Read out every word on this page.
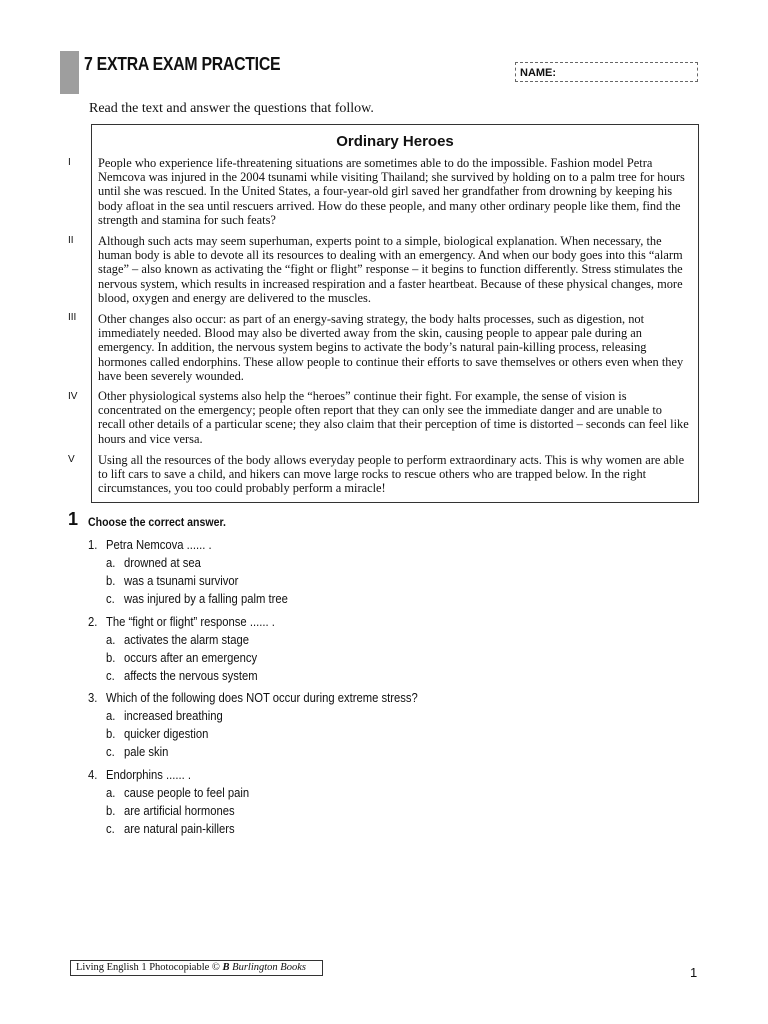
7 EXTRA EXAM PRACTICE	NAME:
Read the text and answer the questions that follow.
I
II
III
IV
V
Ordinary Heroes
People who experience life-threatening situations are sometimes able to do the impossible. Fashion model Petra Nemcova was injured in the 2004 tsunami while visiting Thailand; she survived by holding on to a palm tree for hours until she was rescued. In the United States, a four-year-old girl saved her grandfather from drowning by keeping his body afloat in the sea until rescuers arrived. How do these people, and many other ordinary people like them, find the strength and stamina for such feats?
Although such acts may seem superhuman, experts point to a simple, biological explanation. When necessary, the human body is able to devote all its resources to dealing with an emergency. And when our body goes into this “alarm stage” – also known as activating the “fight or flight” response – it begins to function differently. Stress stimulates the nervous system, which results in increased respiration and a faster heartbeat. Because of these physical changes, more blood, oxygen and energy are delivered to the muscles.
Other changes also occur: as part of an energy-saving strategy, the body halts processes, such as digestion, not immediately needed. Blood may also be diverted away from the skin, causing people to appear pale during an emergency. In addition, the nervous system begins to activate the body’s natural pain-killing process, releasing hormones called endorphins. These allow people to continue their efforts to save themselves or others even when they have been severely wounded.
Other physiological systems also help the “heroes” continue their fight. For example, the sense of vision is concentrated on the emergency; people often report that they can only see the immediate danger and are unable to recall other details of a particular scene; they also claim that their perception of time is distorted – seconds can feel like hours and vice versa.
Using all the resources of the body allows everyday people to perform extraordinary acts. This is why women are able to lift cars to save a child, and hikers can move large rocks to rescue others who are trapped below. In the right circumstances, you too could probably perform a miracle!
1 Choose the correct answer.
1. Petra Nemcova ...... .
a. drowned at sea
b. was a tsunami survivor
c. was injured by a falling palm tree
2. The “fight or flight” response ...... .
a. activates the alarm stage
b. occurs after an emergency
c. affects the nervous system
3. Which of the following does NOT occur during extreme stress?
a. increased breathing
b. quicker digestion
c. pale skin
4. Endorphins ...... .
a. cause people to feel pain
b. are artificial hormones
c. are natural pain-killers
Living English 1 Photocopiable © B Burlington Books	1
